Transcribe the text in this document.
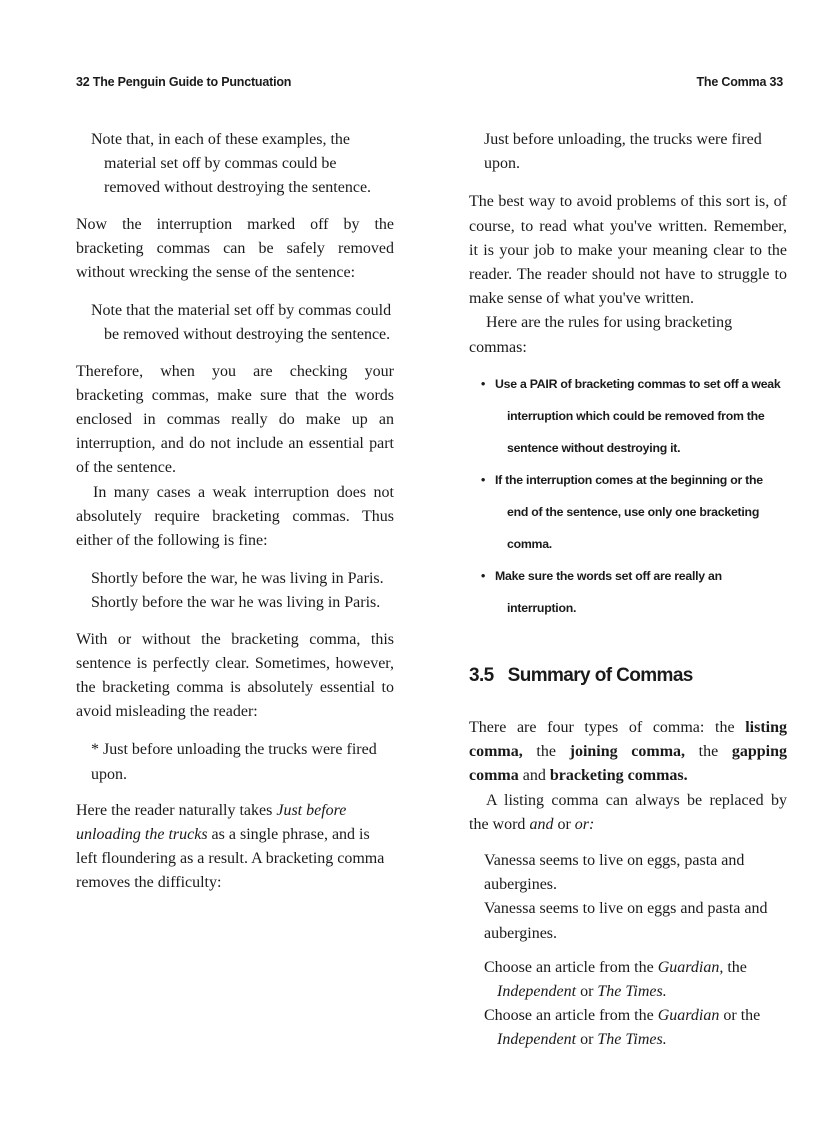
32 The Penguin Guide to Punctuation	The Comma 33

Note that, in each of these examples, the material set off by commas could be removed without destroying the sentence.

Now the interruption marked off by the bracketing commas can be safely removed without wrecking the sense of the sentence:

Note that the material set off by commas could be removed without destroying the sentence.

Therefore, when you are checking your bracketing commas, make sure that the words enclosed in commas really do make up an interruption, and do not include an essential part of the sentence.

In many cases a weak interruption does not absolutely require bracketing commas. Thus either of the following is fine:

Shortly before the war, he was living in Paris.

Shortly before the war he was living in Paris.

With or without the bracketing comma, this sentence is perfectly clear. Sometimes, however, the bracketing comma is absolutely essential to avoid misleading the reader:

* Just before unloading the trucks were fired upon.

Here the reader naturally takes Just before unloading the trucks as a single phrase, and is left floundering as a result. A bracketing comma removes the difficulty:

Just before unloading, the trucks were fired upon.

The best way to avoid problems of this sort is, of course, to read what you've written. Remember, it is your job to make your meaning clear to the reader. The reader should not have to struggle to make sense of what you've written.

Here are the rules for using bracketing commas:

• Use a PAIR of bracketing commas to set off a weak interruption which could be removed from the sentence without destroying it.
• If the interruption comes at the beginning or the end of the sentence, use only one bracketing comma.
• Make sure the words set off are really an interruption.
3.5 Summary of Commas

There are four types of comma: the listing comma, the joining comma, the gapping comma and bracketing commas.

A listing comma can always be replaced by the word and or or:

Vanessa seems to live on eggs, pasta and aubergines.

Vanessa seems to live on eggs and pasta and aubergines.

Choose an article from the Guardian, the Independent or The Times.

Choose an article from the Guardian or the Independent or The Times.
